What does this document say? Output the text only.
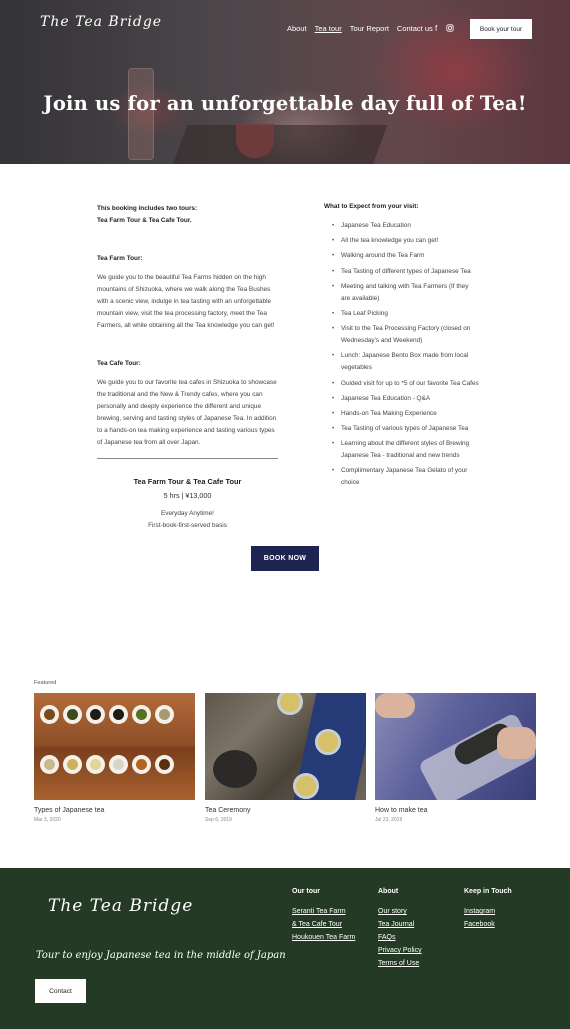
The Tea Bridge	About Tea tour Tour Report Contact us f	Book your tour
Join us for an unforgettable day full of Tea!
This booking includes two tours:
Tea Farm Tour & Tea Cafe Tour.
Tea Farm Tour:
We guide you to the beautiful Tea Farms hidden on the high mountains of Shizuoka, where we walk along the Tea Bushes with a scenic view, indulge in tea tasting with an unforgettable mountain view, visit the tea processing factory, meet the Tea Farmers, all while obtaining all the Tea knowledge you can get!
Tea Cafe Tour:
We guide you to our favorite tea cafes in Shizuoka to showcase the traditional and the New & Trendy cafes, where you can personally and deeply experience the different and unique brewing, serving and tasting styles of Japanese Tea. In addition to a hands-on tea making experience and tasting various types of Japanese tea from all over Japan.
Tea Farm Tour & Tea Cafe Tour
5 hrs | ¥13,000
Everyday Anytime!
First-book-first-served basis
What to Expect from your visit:
• Japanese Tea Education
• All the tea knowledge you can get!
• Walking around the Tea Farm
• Tea Tasting of different types of Japanese Tea
• Meeting and talking with Tea Farmers (If they are available)
• Tea Leaf Picking
• Visit to the Tea Processing Factory (closed on Wednesday's and Weekend)
• Lunch: Japanese Bento Box made from local vegetables
• Guided visit for up to *5 of our favorite Tea Cafes
• Japanese Tea Education - Q&A
• Hands-on Tea Making Experience
• Tea Tasting of various types of Japanese Tea
• Learning about the different styles of Brewing Japanese Tea - traditional and new trends
• Complimentary Japanese Tea Gelato of your choice
BOOK NOW
Featured
Types of Japanese tea
Mar 3, 2020
Tea Ceremony
Sep 6, 2019
How to make tea
Jul 23, 2019
The Tea Bridge
Tour to enjoy Japanese tea in the middle of Japan
Contact
Our tour
Seranti Tea Farm
& Tea Cafe Tour
Houkouen Tea Farm
About
Our story
Tea Journal
FAQs
Privacy Policy
Terms of Use
Keep in Touch
Instagram
Facebook
